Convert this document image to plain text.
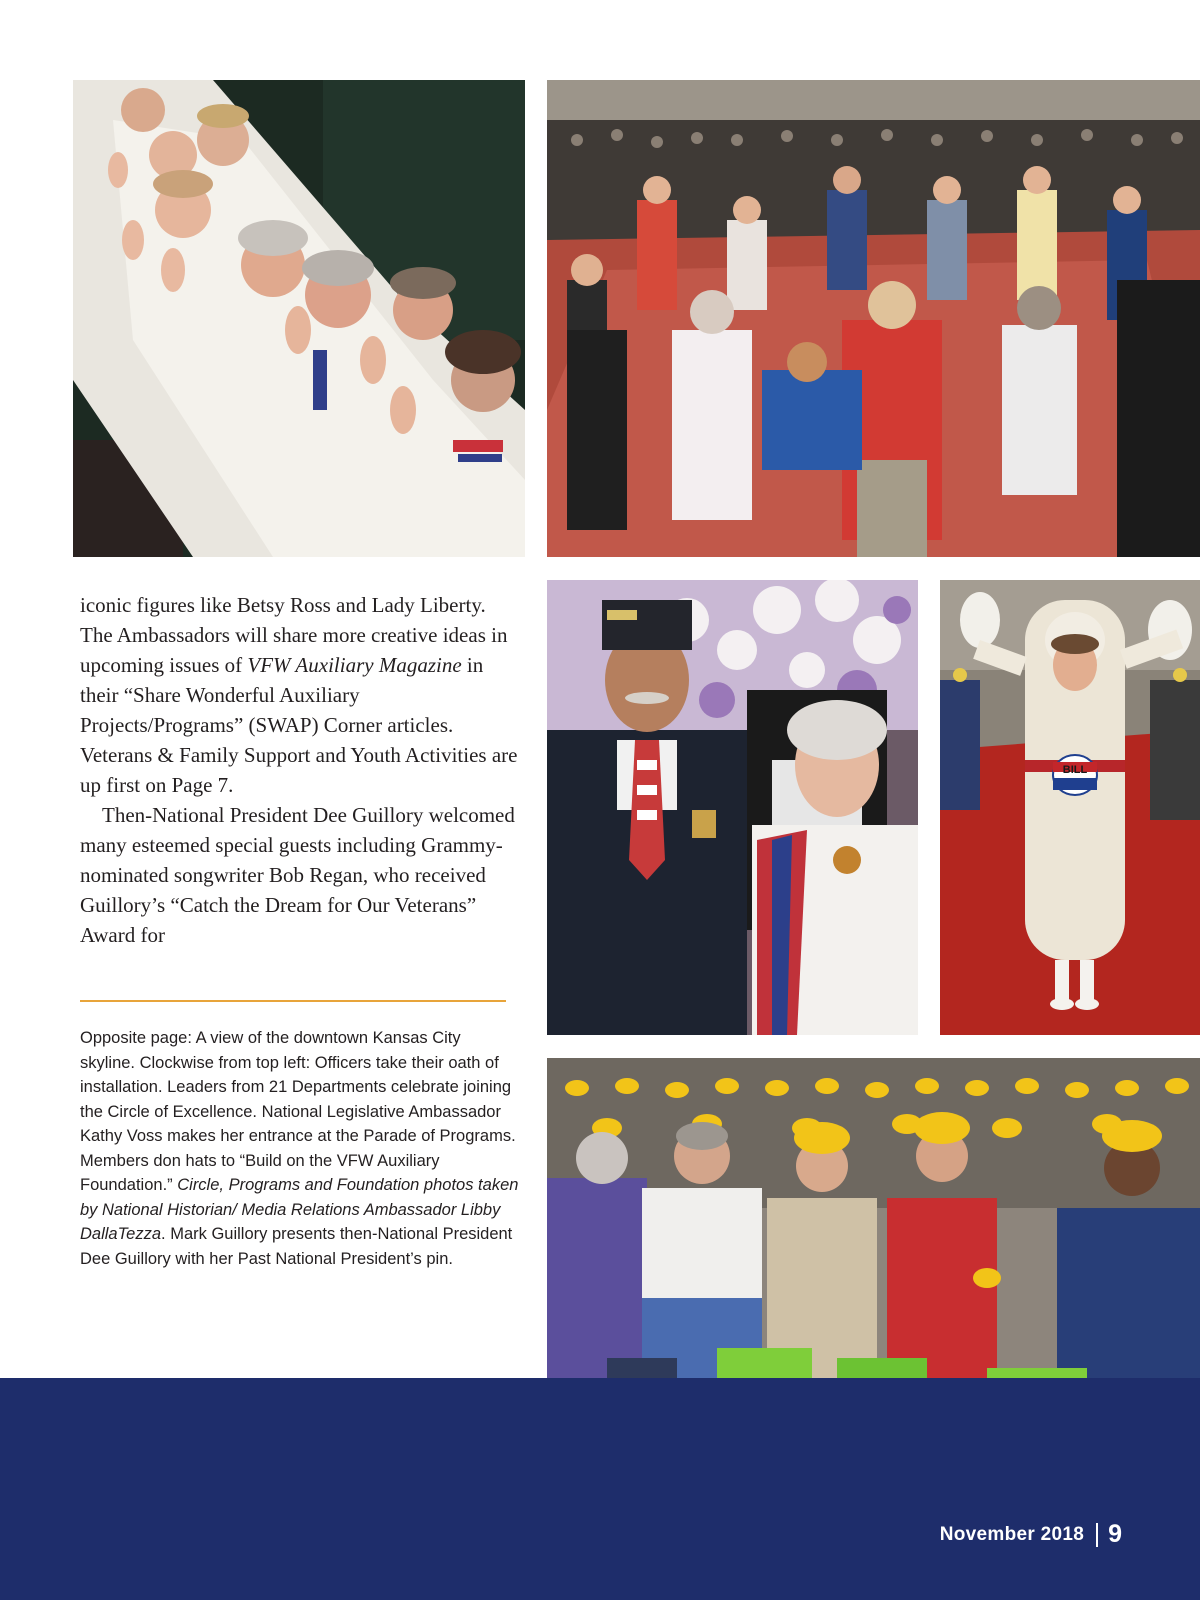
BILL

iconic figures like Betsy Ross and Lady Liberty. The Ambassadors will share more creative ideas in upcoming issues of VFW Auxiliary Magazine in their “Share Wonderful Auxiliary Projects/Programs” (SWAP) Corner articles. Veterans & Family Support and Youth Activities are up first on Page 7.

Then-National President Dee Guillory welcomed many esteemed special guests including Grammy-nominated songwriter Bob Regan, who received Guillory’s “Catch the Dream for Our Veterans” Award for

Opposite page: A view of the downtown Kansas City skyline. Clockwise from top left: Officers take their oath of installation. Leaders from 21 Departments celebrate joining the Circle of Excellence. National Legislative Ambassador Kathy Voss makes her entrance at the Parade of Programs. Members don hats to “Build on the VFW Auxiliary Foundation.” Circle, Programs and Foundation photos taken by National Historian/ Media Relations Ambassador Libby DallaTezza. Mark Guillory presents then-National President Dee Guillory with her Past National President’s pin.
November 2018 9
